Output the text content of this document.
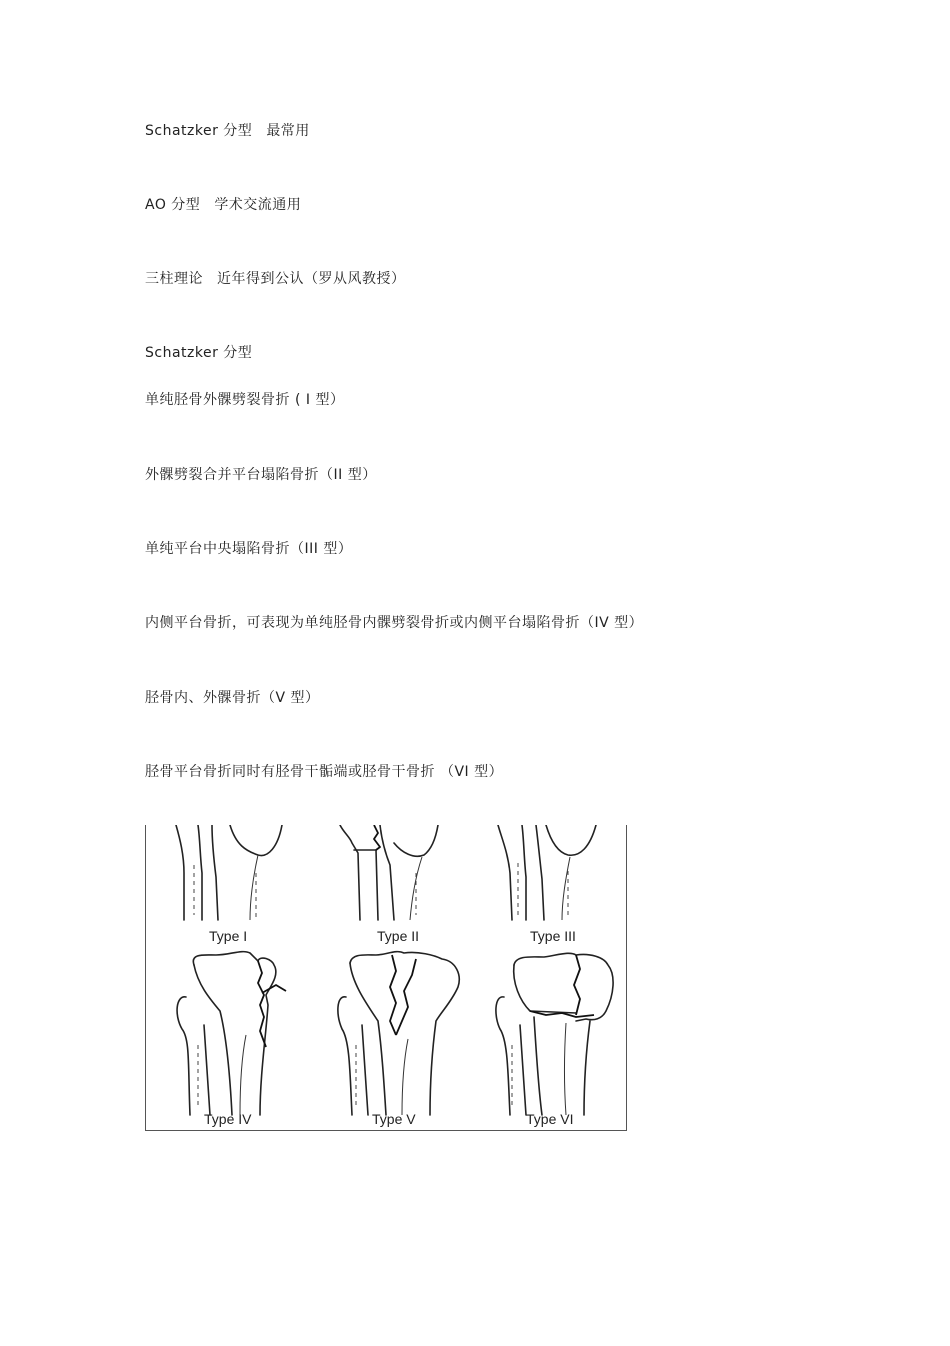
Schatzker 分型 最常用
AO 分型 学术交流通用
三柱理论 近年得到公认（罗从风教授）
Schatzker 分型
单纯胫骨外髁劈裂骨折 ( I 型）
外髁劈裂合并平台塌陷骨折（II 型）
单纯平台中央塌陷骨折（III 型）
内侧平台骨折，可表现为单纯胫骨内髁劈裂骨折或内侧平台塌陷骨折（IV 型）
胫骨内、外髁骨折（V 型）
胫骨平台骨折同时有胫骨干骺端或胫骨干骨折 （VI 型）
Type I	Type II	Type III
Type IV	Type V	Type VI
